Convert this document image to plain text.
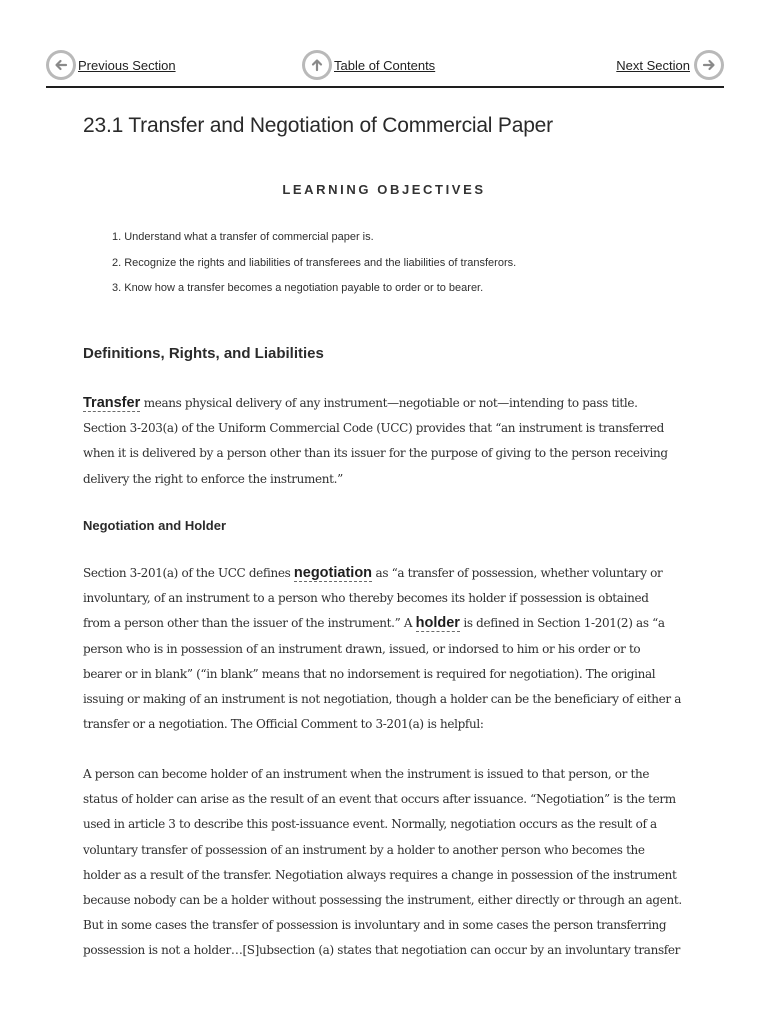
Previous Section	Table of Contents	Next Section
23.1 Transfer and Negotiation of Commercial Paper
LEARNING OBJECTIVES
1. Understand what a transfer of commercial paper is.
2. Recognize the rights and liabilities of transferees and the liabilities of transferors.
3. Know how a transfer becomes a negotiation payable to order or to bearer.
Definitions, Rights, and Liabilities
Transfer means physical delivery of any instrument—negotiable or not—intending to pass title.
Section 3-203(a) of the Uniform Commercial Code (UCC) provides that “an instrument is transferred
when it is delivered by a person other than its issuer for the purpose of giving to the person receiving
delivery the right to enforce the instrument.”
Negotiation and Holder
Section 3-201(a) of the UCC defines negotiation as “a transfer of possession, whether voluntary or
involuntary, of an instrument to a person who thereby becomes its holder if possession is obtained
from a person other than the issuer of the instrument.” A holder is defined in Section 1-201(2) as “a
person who is in possession of an instrument drawn, issued, or indorsed to him or his order or to
bearer or in blank” (“in blank” means that no indorsement is required for negotiation). The original
issuing or making of an instrument is not negotiation, though a holder can be the beneficiary of either a
transfer or a negotiation. The Official Comment to 3-201(a) is helpful:
A person can become holder of an instrument when the instrument is issued to that person, or the
status of holder can arise as the result of an event that occurs after issuance. “Negotiation” is the term
used in article 3 to describe this post-issuance event. Normally, negotiation occurs as the result of a
voluntary transfer of possession of an instrument by a holder to another person who becomes the
holder as a result of the transfer. Negotiation always requires a change in possession of the instrument
because nobody can be a holder without possessing the instrument, either directly or through an agent.
But in some cases the transfer of possession is involuntary and in some cases the person transferring
possession is not a holder…[S]ubsection (a) states that negotiation can occur by an involuntary transfer
